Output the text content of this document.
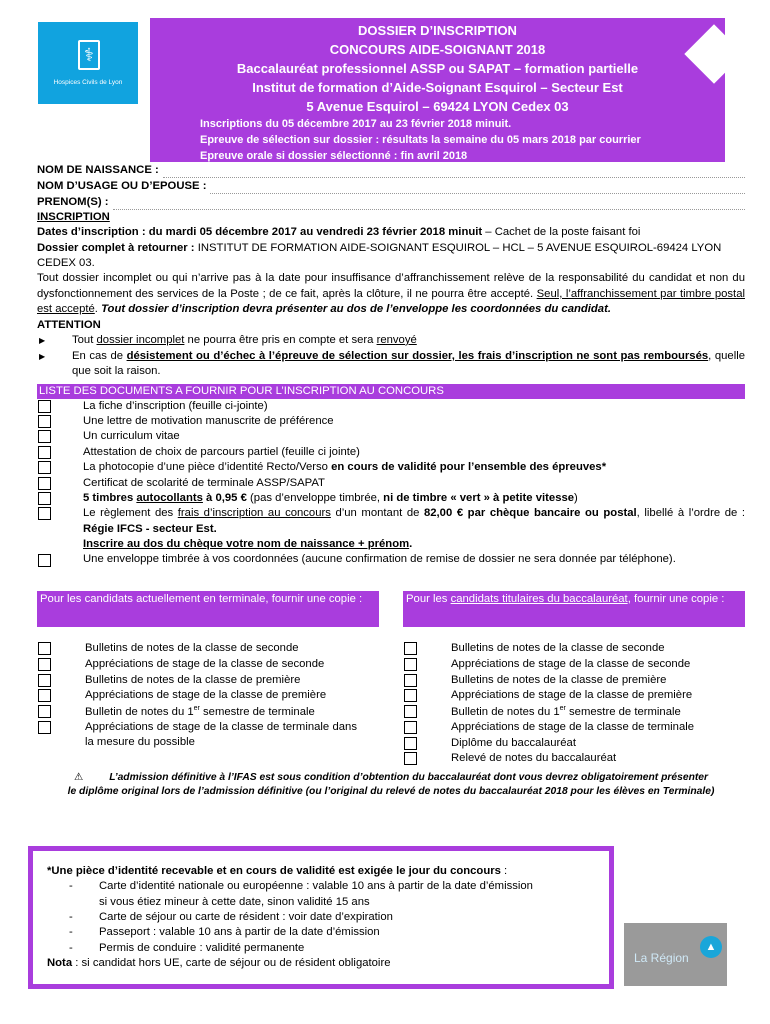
⚕
Hospices Civils de Lyon
DOSSIER D’INSCRIPTION
CONCOURS AIDE-SOIGNANT 2018
Baccalauréat professionnel ASSP ou SAPAT – formation partielle
Institut de formation d’Aide-Soignant Esquirol – Secteur Est
5 Avenue Esquirol – 69424 LYON Cedex 03
Inscriptions du 05 décembre 2017 au 23 février 2018 minuit.
Epreuve de sélection sur dossier : résultats la semaine du 05 mars 2018 par courrier
Epreuve orale si dossier sélectionné : fin avril 2018
NOM DE NAISSANCE :
NOM D’USAGE OU D’EPOUSE :
PRENOM(S) :
INSCRIPTION
Dates d’inscription : du mardi 05 décembre 2017 au vendredi 23 février 2018 minuit – Cachet de la poste faisant foi
Dossier complet à retourner : INSTITUT DE FORMATION AIDE-SOIGNANT ESQUIROL – HCL – 5 AVENUE ESQUIROL-69424 LYON CEDEX 03.
Tout dossier incomplet ou qui n’arrive pas à la date pour insuffisance d’affranchissement relève de la responsabilité du candidat et non du dysfonctionnement des services de la Poste ; de ce fait, après la clôture, il ne pourra être accepté. Seul, l’affranchissement par timbre postal est accepté. Tout dossier d’inscription devra présenter au dos de l’enveloppe les coordonnées du candidat.
ATTENTION
▶	Tout dossier incomplet ne pourra être pris en compte et sera renvoyé
▶	En cas de désistement ou d’échec à l’épreuve de sélection sur dossier, les frais d’inscription ne sont pas remboursés, quelle que soit la raison.
LISTE DES DOCUMENTS A FOURNIR POUR L’INSCRIPTION AU CONCOURS
La fiche d’inscription (feuille ci-jointe)
Une lettre de motivation manuscrite de préférence
Un curriculum vitae
Attestation de choix de parcours partiel (feuille ci jointe)
La photocopie d’une pièce d’identité Recto/Verso en cours de validité pour l’ensemble des épreuves*
Certificat de scolarité de terminale ASSP/SAPAT
5 timbres autocollants à 0,95 € (pas d’enveloppe timbrée, ni de timbre « vert » à petite vitesse)
Le règlement des frais d’inscription au concours d’un montant de 82,00 € par chèque bancaire ou postal, libellé à l’ordre de : Régie IFCS - secteur Est.
Inscrire au dos du chèque votre nom de naissance + prénom.
Une enveloppe timbrée à vos coordonnées (aucune confirmation de remise de dossier ne sera donnée par téléphone).
Pour les candidats actuellement en terminale, fournir une copie :
Bulletins de notes de la classe de seconde
Appréciations de stage de la classe de seconde
Bulletins de notes de la classe de première
Appréciations de stage de la classe de première
Bulletin de notes du 1er semestre de terminale
Appréciations de stage de la classe de terminale dans la mesure du possible
Pour les candidats titulaires du baccalauréat, fournir une copie :
Bulletins de notes de la classe de seconde
Appréciations de stage de la classe de seconde
Bulletins de notes de la classe de première
Appréciations de stage de la classe de première
Bulletin de notes du 1er semestre de terminale
Appréciations de stage de la classe de terminale
Diplôme du baccalauréat
Relevé de notes du baccalauréat
⚠	L’admission définitive à l’IFAS est sous condition d’obtention du baccalauréat dont vous devrez obligatoirement présenter
le diplôme original lors de l’admission définitive (ou l’original du relevé de notes du baccalauréat 2018 pour les élèves en Terminale)
*Une pièce d’identité recevable et en cours de validité est exigée le jour du concours :
-	Carte d’identité nationale ou européenne : valable 10 ans à partir de la date d’émission si vous étiez mineur à cette date, sinon validité 15 ans
-	Carte de séjour ou carte de résident : voir date d’expiration
-	Passeport : valable 10 ans à partir de la date d’émission
-	Permis de conduire : validité permanente
Nota : si candidat hors UE, carte de séjour ou de résident obligatoire
▲
La Région
